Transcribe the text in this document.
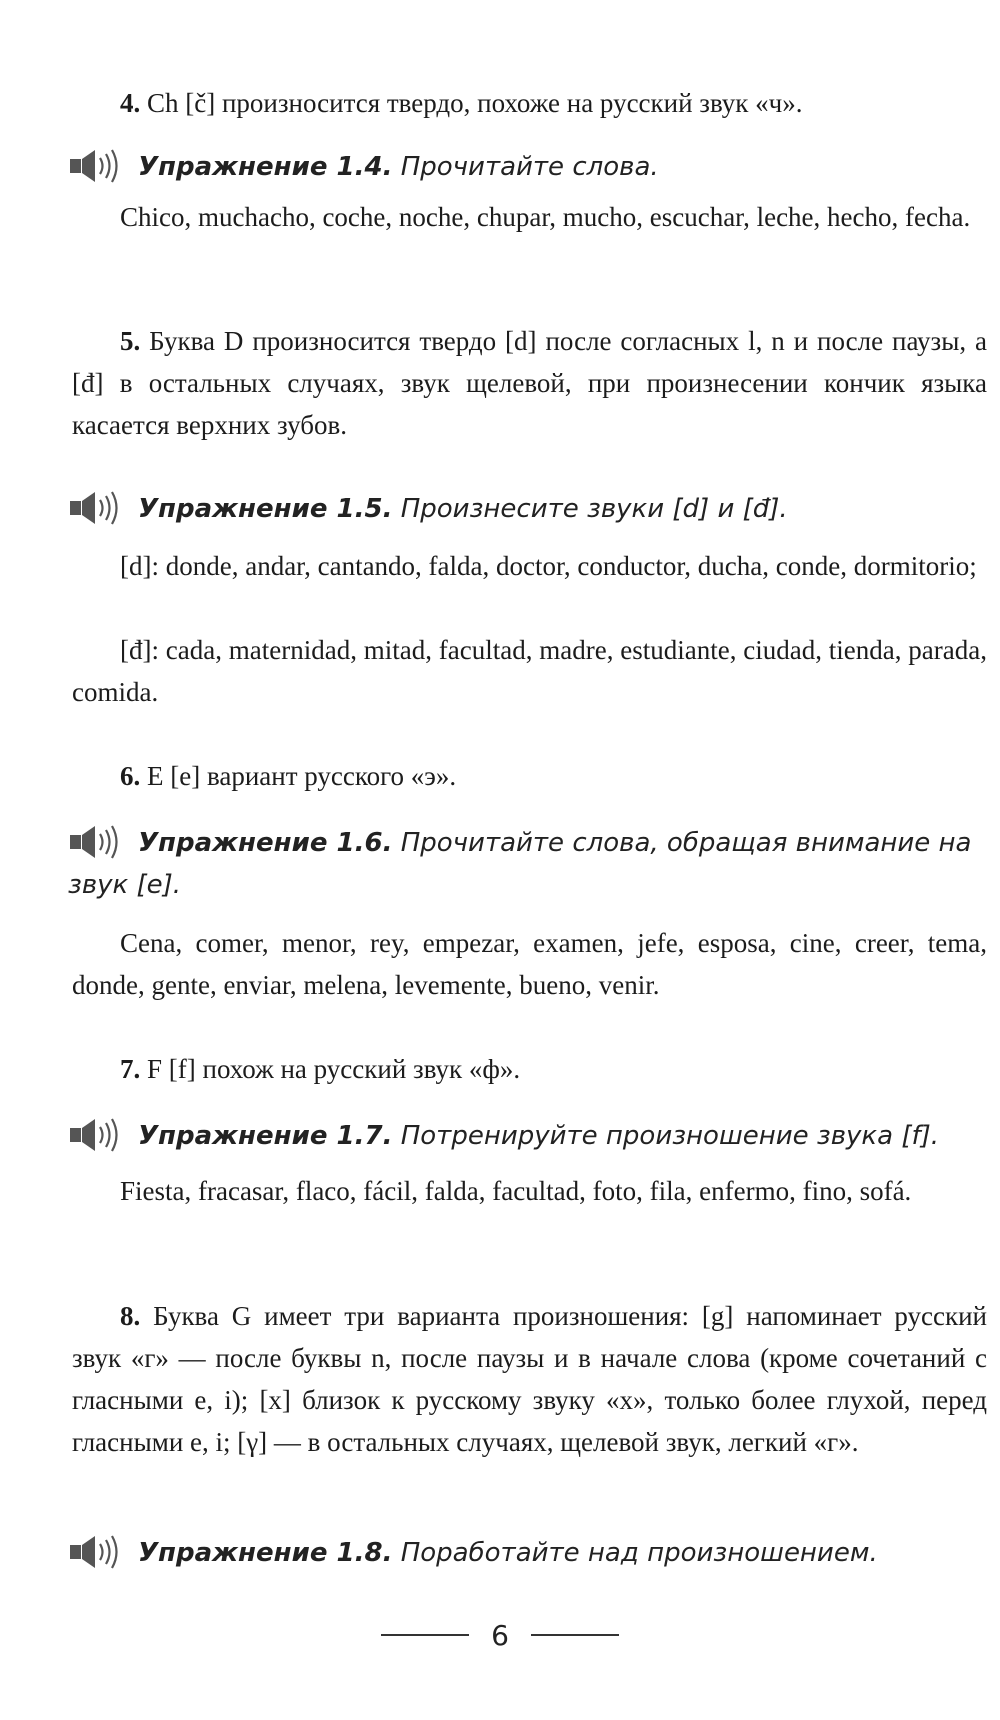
4. Ch [č] произносится твердо, похоже на русский звук «ч».

Упражнение 1.4. Прочитайте слова.

Chico, muchacho, coche, noche, chupar, mucho, escuchar, leche, hecho, fecha.

5. Буква D произносится твердо [d] после согласных l, n и после паузы, а [đ] в остальных случаях, звук щелевой, при произнесении кончик языка касается верхних зубов.

Упражнение 1.5. Произнесите звуки [d] и [đ].

[d]: donde, andar, cantando, falda, doctor, conductor, ducha, conde, dormitorio;

[đ]: cada, maternidad, mitad, facultad, madre, estudiante, ciudad, tienda, parada, comida.

6. E [e] вариант русского «э».

Упражнение 1.6. Прочитайте слова, обращая внимание на звук [e].

Cena, comer, menor, rey, empezar, examen, jefe, esposa, cine, creer, tema, donde, gente, enviar, melena, levemente, bueno, venir.

7. F [f] похож на русский звук «ф».

Упражнение 1.7. Потренируйте произношение звука [f].

Fiesta, fracasar, flaco, fácil, falda, facultad, foto, fila, enfermo, fino, sofá.

8. Буква G имеет три варианта произношения: [g] напоминает русский звук «г» — после буквы n, после паузы и в начале слова (кроме сочетаний с гласными e, i); [x] близок к русскому звуку «х», только более глухой, перед гласными e, i; [γ] — в остальных случаях, щелевой звук, легкий «г».

Упражнение 1.8. Поработайте над произношением.

6
